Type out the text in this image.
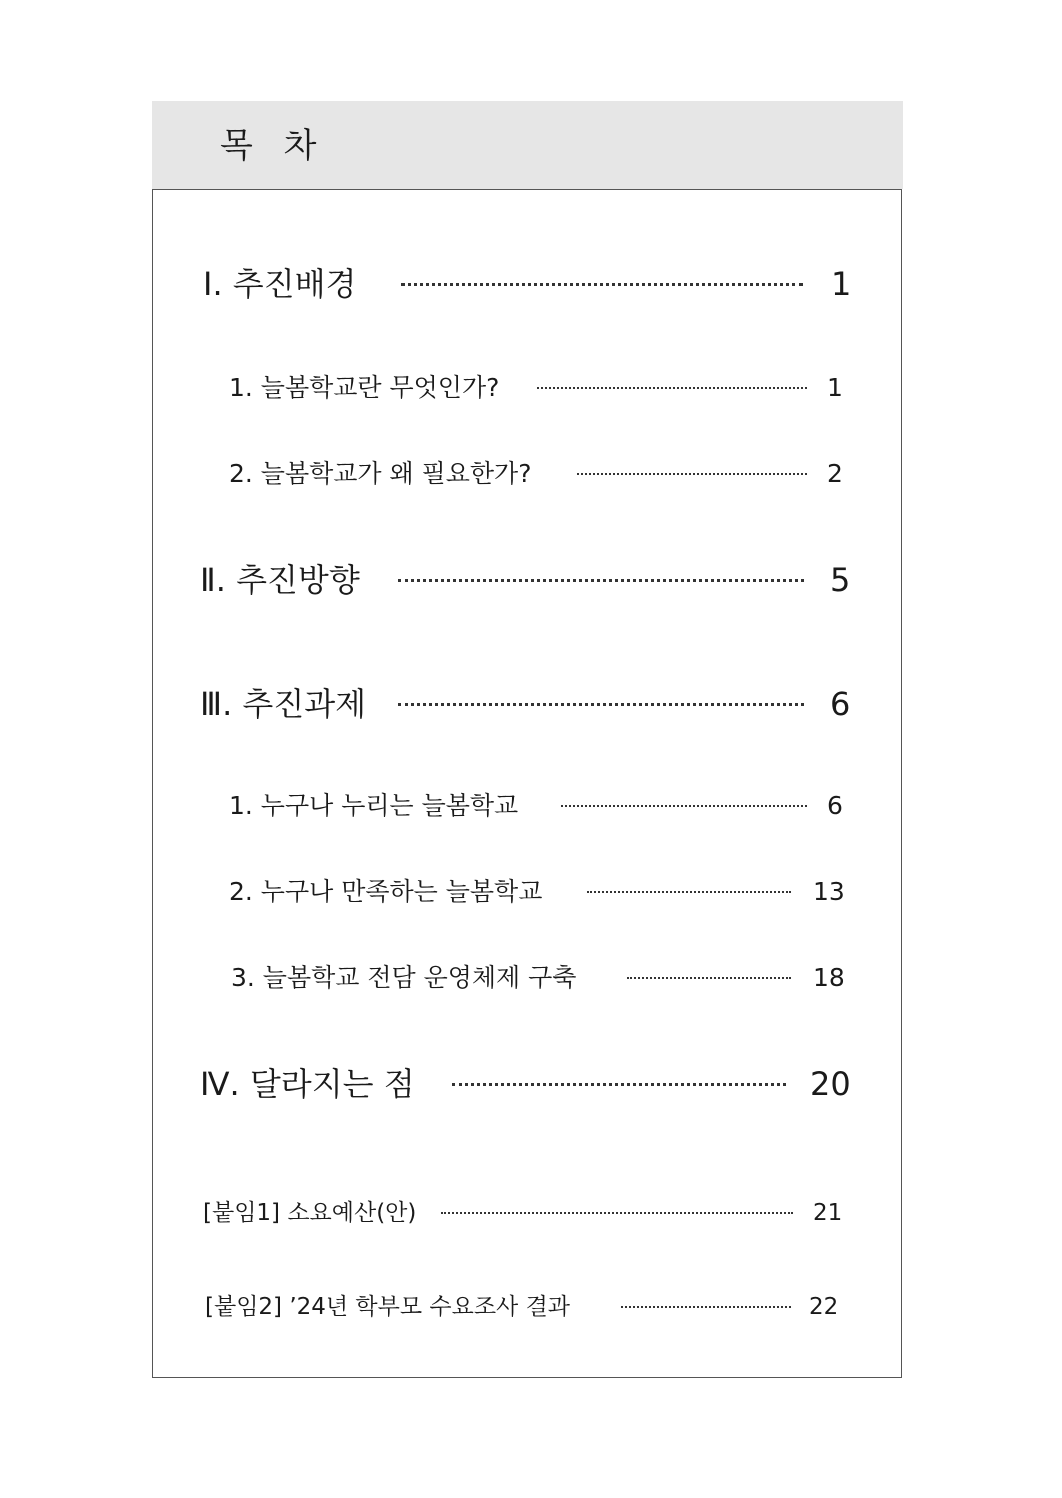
목 차
Ⅰ. 추진배경	1
1. 늘봄학교란 무엇인가?	1
2. 늘봄학교가 왜 필요한가?	2
Ⅱ. 추진방향	5
Ⅲ. 추진과제	6
1. 누구나 누리는 늘봄학교	6
2. 누구나 만족하는 늘봄학교	13
3. 늘봄학교 전담 운영체제 구축	18
Ⅳ. 달라지는 점	20
[붙임1] 소요예산(안)	21
[붙임2] ’24년 학부모 수요조사 결과	22
